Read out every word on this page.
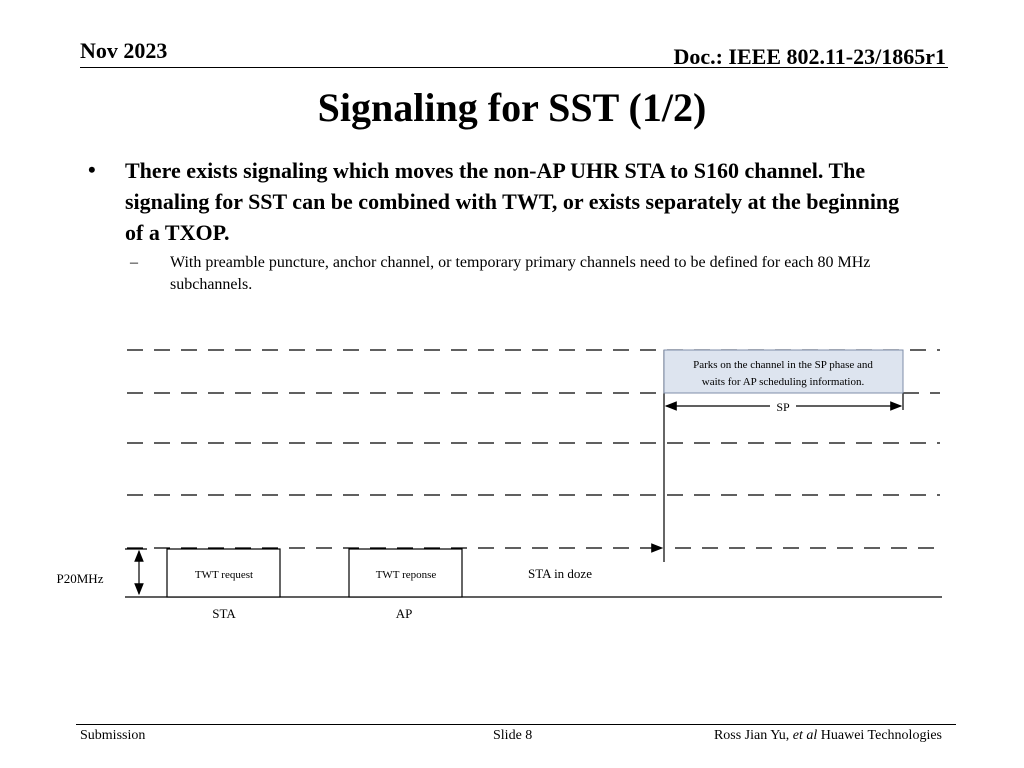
Nov 2023	Doc.: IEEE 802.11-23/1865r1
Signaling for SST (1/2)
• There exists signaling which moves the non-AP UHR STA to S160 channel. The signaling for SST can be combined with TWT, or exists separately at the beginning of a TXOP.
– With preamble puncture, anchor channel, or temporary primary channels need to be defined for each 80 MHz subchannels.
Parks on the channel in the SP phase and
waits for AP scheduling information.
SP
TWT request	TWT reponse	STA in doze
P20MHz
STA	AP
Submission	Slide 8	Ross Jian Yu, et al Huawei Technologies
